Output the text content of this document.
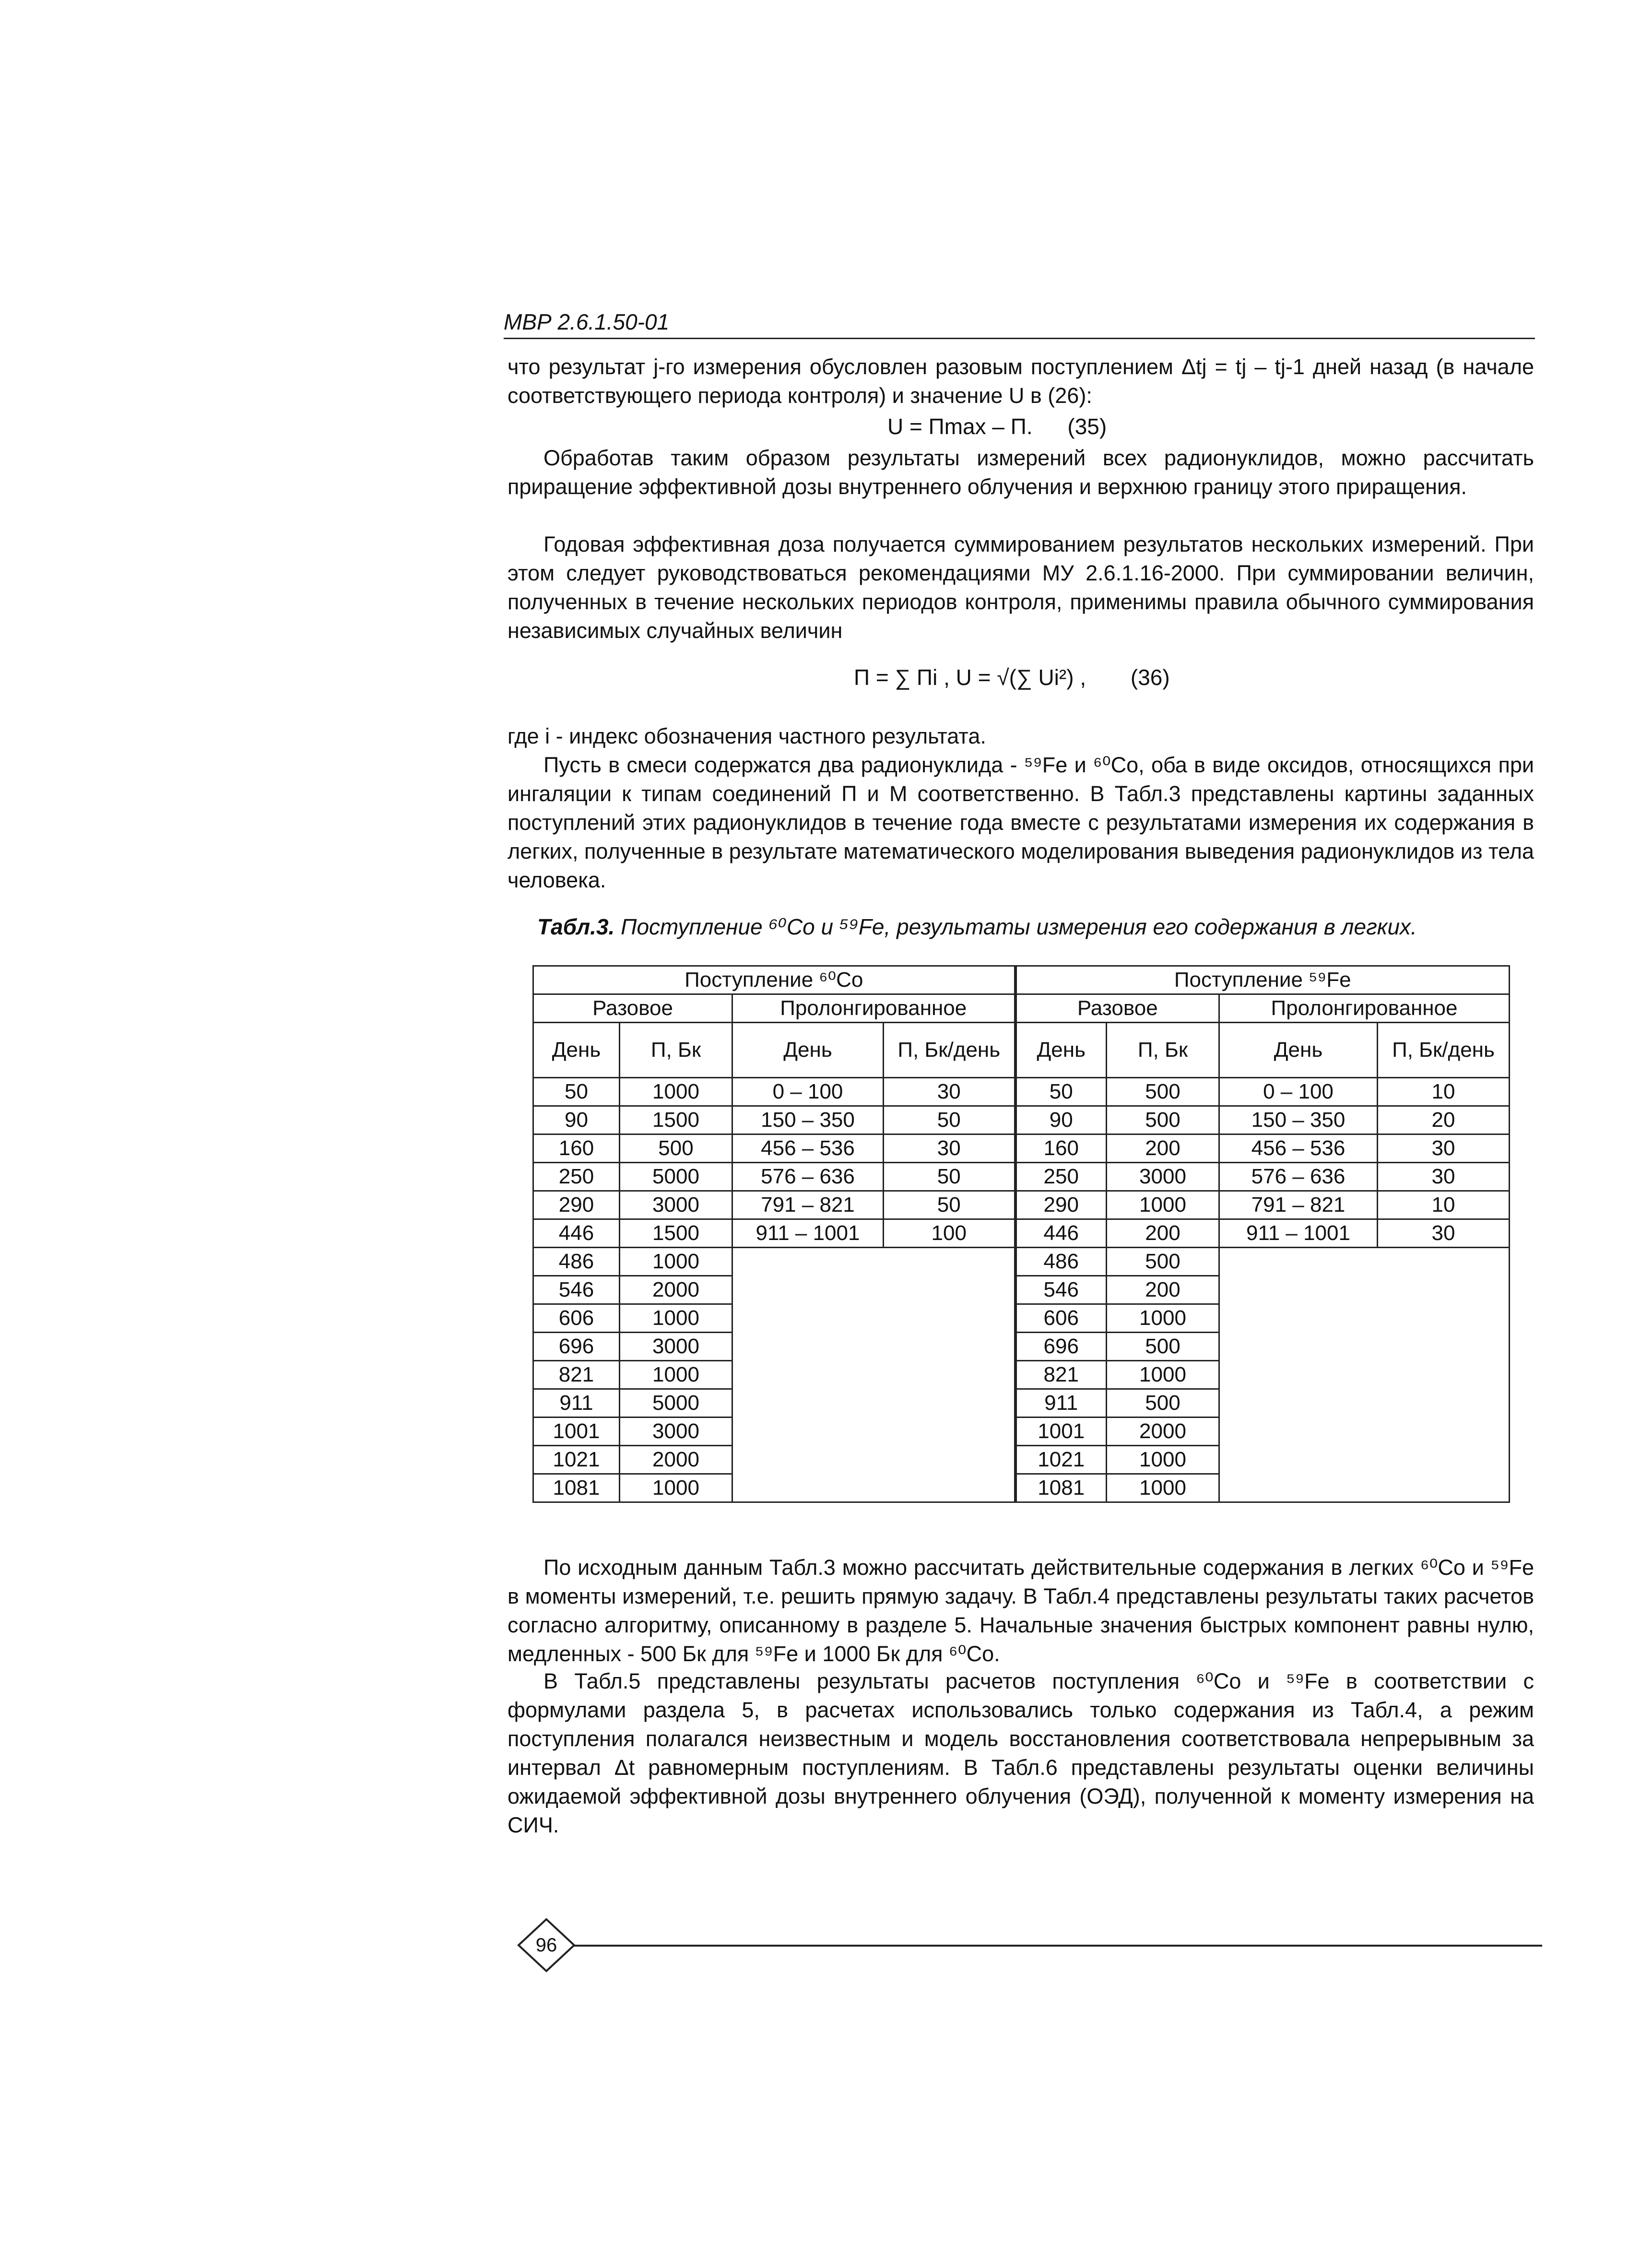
МВР 2.6.1.50-01

что результат j-го измерения обусловлен разовым поступлением Δtj = tj – tj-1 дней назад (в начале соответствующего периода контроля) и значение U в (26):

U = Пmax – П. (35)

Обработав таким образом результаты измерений всех радионуклидов, можно рассчитать приращение эффективной дозы внутреннего облучения и верхнюю границу этого приращения.

Годовая эффективная доза получается суммированием результатов нескольких измерений. При этом следует руководствоваться рекомендациями МУ 2.6.1.16-2000. При суммировании величин, полученных в течение нескольких периодов контроля, применимы правила обычного суммирования независимых случайных величин

П = ∑ Пi , U = √(∑ Ui²) , (36)

где i - индекс обозначения частного результата.

Пусть в смеси содержатся два радионуклида - ⁵⁹Fe и ⁶⁰Co, оба в виде оксидов, относящихся при ингаляции к типам соединений П и М соответственно. В Табл.3 представлены картины заданных поступлений этих радионуклидов в течение года вместе с результатами измерения их содержания в легких, полученные в результате математического моделирования выведения радионуклидов из тела человека.

Табл.3. Поступление ⁶⁰Co и ⁵⁹Fe, результаты измерения его содержания в легких.
Поступление ⁶⁰Co				Поступление ⁵⁹Fe			
Разовое		Пролонгированное		Разовое		Пролонгированное	
День	П, Бк	День	П, Бк/день	День	П, Бк	День	П, Бк/день
50	1000	0 – 100	30	50	500	0 – 100	10
90	1500	150 – 350	50	90	500	150 – 350	20
160	500	456 – 536	30	160	200	456 – 536	30
250	5000	576 – 636	50	250	3000	576 – 636	30
290	3000	791 – 821	50	290	1000	791 – 821	10
446	1500	911 – 1001	100	446	200	911 – 1001	30
486	1000			486	500		
546	2000			546	200		
606	1000			606	1000		
696	3000			696	500		
821	1000			821	1000		
911	5000			911	500		
1001	3000			1001	2000		
1021	2000			1021	1000		
1081	1000			1081	1000		

По исходным данным Табл.3 можно рассчитать действительные содержания в легких ⁶⁰Co и ⁵⁹Fe в моменты измерений, т.е. решить прямую задачу. В Табл.4 представлены результаты таких расчетов согласно алгоритму, описанному в разделе 5. Начальные значения быстрых компонент равны нулю, медленных - 500 Бк для ⁵⁹Fe и 1000 Бк для ⁶⁰Co.

В Табл.5 представлены результаты расчетов поступления ⁶⁰Co и ⁵⁹Fe в соответствии с формулами раздела 5, в расчетах использовались только содержания из Табл.4, а режим поступления полагался неизвестным и модель восстановления соответствовала непрерывным за интервал Δt равномерным поступлениям. В Табл.6 представлены результаты оценки величины ожидаемой эффективной дозы внутреннего облучения (ОЭД), полученной к моменту измерения на СИЧ.

96
